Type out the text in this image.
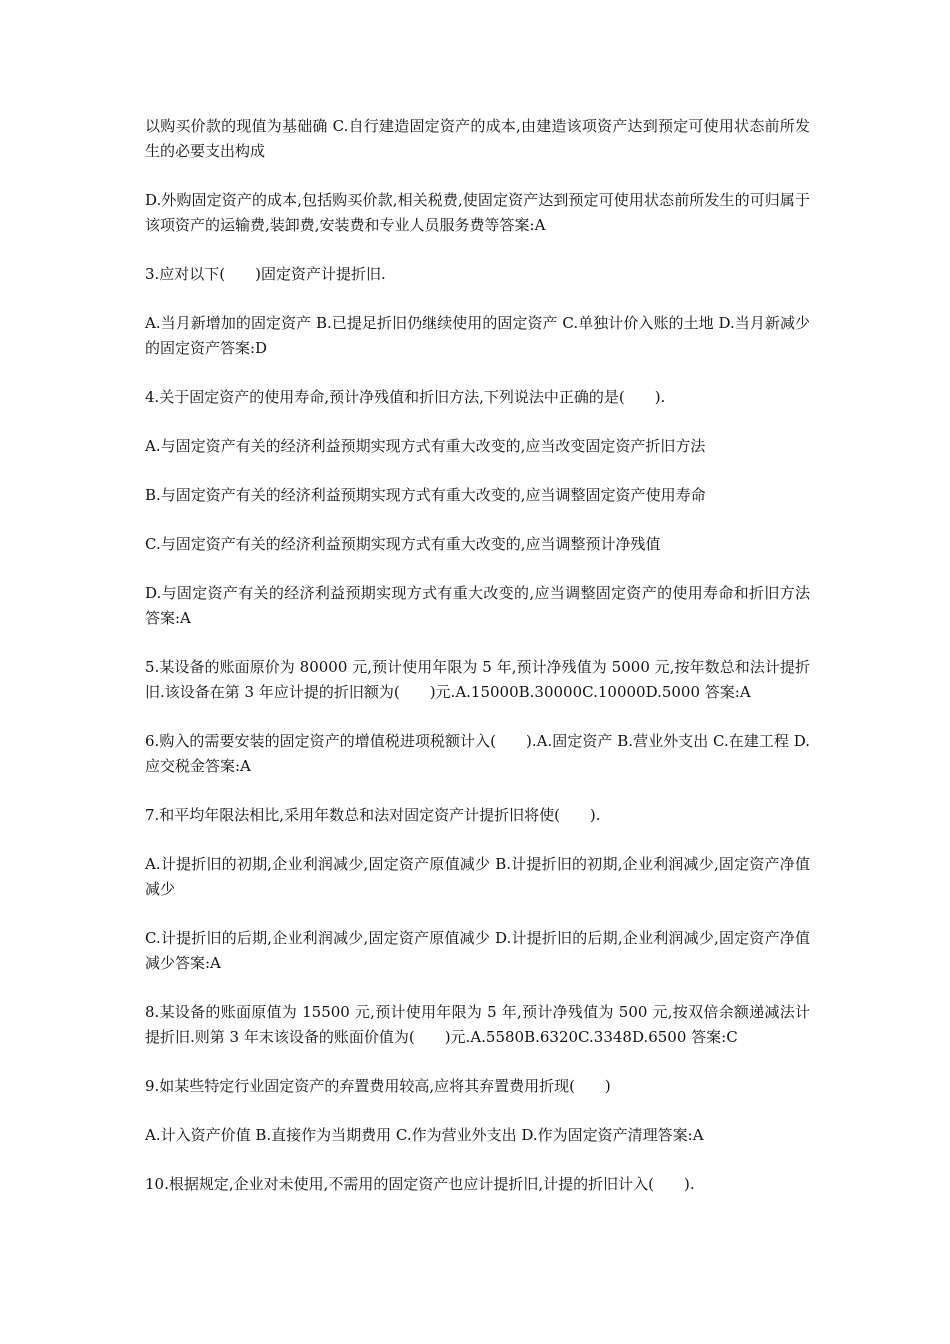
以购买价款的现值为基础确 C.自行建造固定资产的成本,由建造该项资产达到预定可使用状态前所发生的必要支出构成

D.外购固定资产的成本,包括购买价款,相关税费,使固定资产达到预定可使用状态前所发生的可归属于该项资产的运输费,装卸费,安装费和专业人员服务费等答案:A

3.应对以下(　　)固定资产计提折旧.

A.当月新增加的固定资产 B.已提足折旧仍继续使用的固定资产 C.单独计价入账的土地 D.当月新减少的固定资产答案:D

4.关于固定资产的使用寿命,预计净残值和折旧方法,下列说法中正确的是(　　).

A.与固定资产有关的经济利益预期实现方式有重大改变的,应当改变固定资产折旧方法

B.与固定资产有关的经济利益预期实现方式有重大改变的,应当调整固定资产使用寿命

C.与固定资产有关的经济利益预期实现方式有重大改变的,应当调整预计净残值

D.与固定资产有关的经济利益预期实现方式有重大改变的,应当调整固定资产的使用寿命和折旧方法答案:A

5.某设备的账面原价为 80000 元,预计使用年限为 5 年,预计净残值为 5000 元,按年数总和法计提折旧.该设备在第 3 年应计提的折旧额为(　　)元.A.15000B.30000C.10000D.5000 答案:A

6.购入的需要安装的固定资产的增值税进项税额计入(　　).A.固定资产 B.营业外支出 C.在建工程 D.应交税金答案:A

7.和平均年限法相比,采用年数总和法对固定资产计提折旧将使(　　).

A.计提折旧的初期,企业利润减少,固定资产原值减少 B.计提折旧的初期,企业利润减少,固定资产净值减少

C.计提折旧的后期,企业利润减少,固定资产原值减少 D.计提折旧的后期,企业利润减少,固定资产净值减少答案:A

8.某设备的账面原值为 15500 元,预计使用年限为 5 年,预计净残值为 500 元,按双倍余额递减法计提折旧.则第 3 年末该设备的账面价值为(　　)元.A.5580B.6320C.3348D.6500 答案:C

9.如某些特定行业固定资产的弃置费用较高,应将其弃置费用折现(　　)

A.计入资产价值 B.直接作为当期费用 C.作为营业外支出 D.作为固定资产清理答案:A

10.根据规定,企业对未使用,不需用的固定资产也应计提折旧,计提的折旧计入(　　).
